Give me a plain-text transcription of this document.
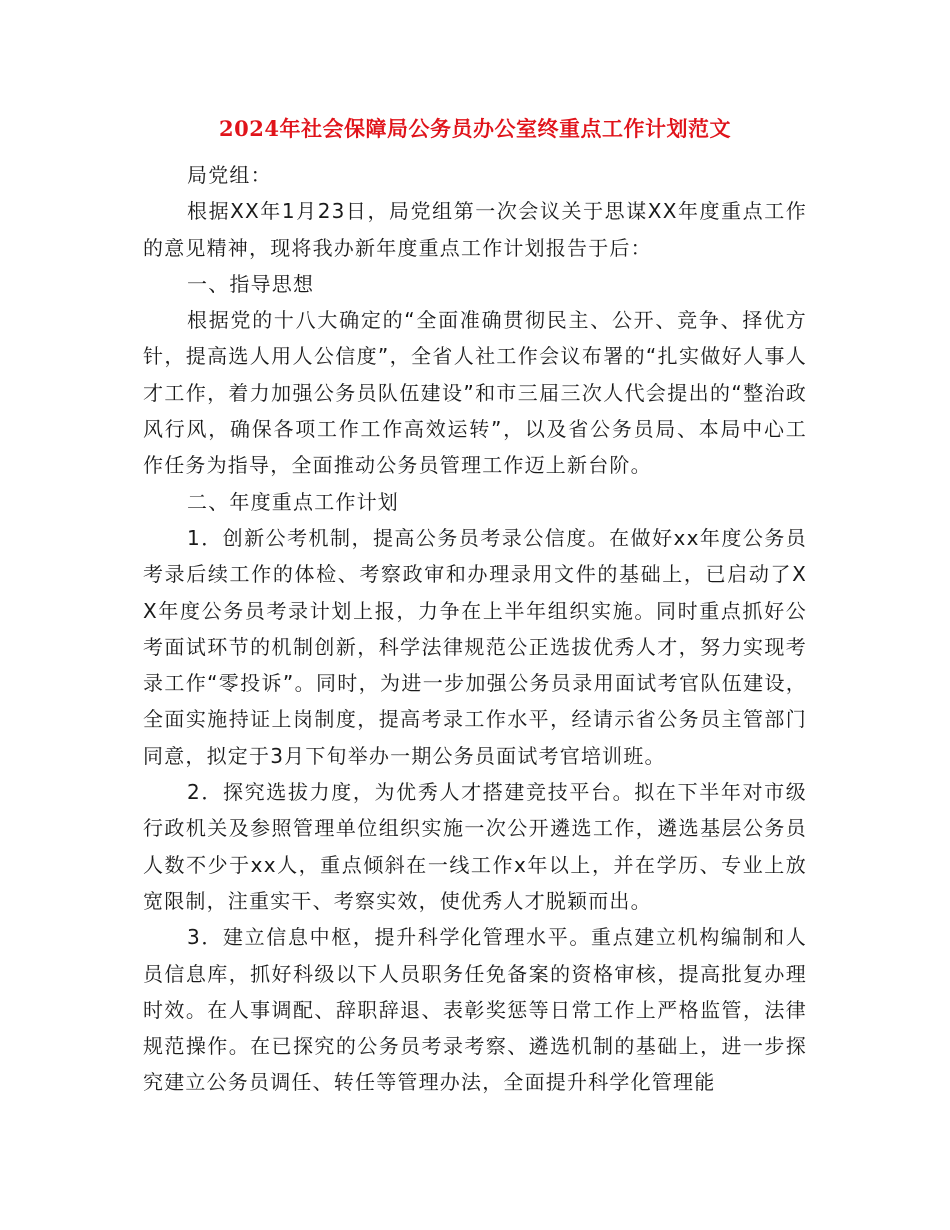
2024年社会保障局公务员办公室终重点工作计划范文

局党组：

根据XX年1月23日，局党组第一次会议关于思谋XX年度重点工作的意见精神，现将我办新年度重点工作计划报告于后：

一、指导思想

根据党的十八大确定的“全面准确贯彻民主、公开、竞争、择优方针，提高选人用人公信度”，全省人社工作会议布署的“扎实做好人事人才工作，着力加强公务员队伍建设”和市三届三次人代会提出的“整治政风行风，确保各项工作工作高效运转”，以及省公务员局、本局中心工作任务为指导，全面推动公务员管理工作迈上新台阶。

二、年度重点工作计划

1．创新公考机制，提高公务员考录公信度。在做好xx年度公务员考录后续工作的体检、考察政审和办理录用文件的基础上，已启动了XX年度公务员考录计划上报，力争在上半年组织实施。同时重点抓好公考面试环节的机制创新，科学法律规范公正选拔优秀人才，努力实现考录工作“零投诉”。同时，为进一步加强公务员录用面试考官队伍建设，全面实施持证上岗制度，提高考录工作水平，经请示省公务员主管部门同意，拟定于3月下旬举办一期公务员面试考官培训班。

2．探究选拔力度，为优秀人才搭建竞技平台。拟在下半年对市级行政机关及参照管理单位组织实施一次公开遴选工作，遴选基层公务员人数不少于xx人，重点倾斜在一线工作x年以上，并在学历、专业上放宽限制，注重实干、考察实效，使优秀人才脱颖而出。

3．建立信息中枢，提升科学化管理水平。重点建立机构编制和人员信息库，抓好科级以下人员职务任免备案的资格审核，提高批复办理时效。在人事调配、辞职辞退、表彰奖惩等日常工作上严格监管，法律规范操作。在已探究的公务员考录考察、遴选机制的基础上，进一步探究建立公务员调任、转任等管理办法，全面提升科学化管理能
